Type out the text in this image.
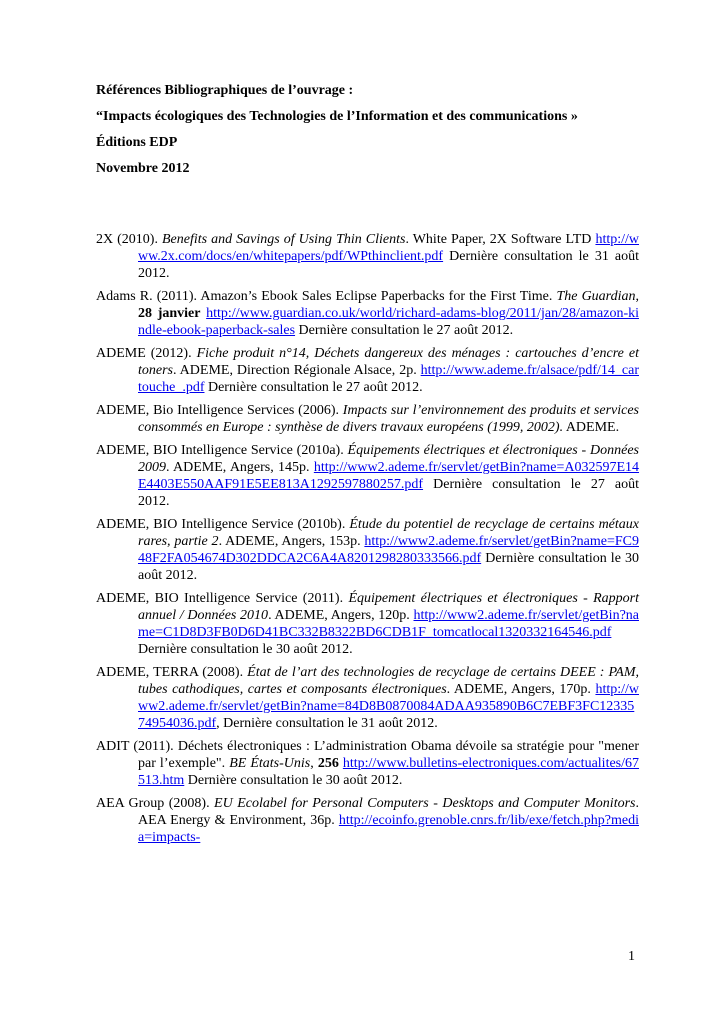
Références Bibliographiques de l’ouvrage :
“Impacts écologiques des Technologies de l’Information et des communications »
Éditions EDP
Novembre 2012
2X (2010). Benefits and Savings of Using Thin Clients. White Paper, 2X Software LTD http://www.2x.com/docs/en/whitepapers/pdf/WPthinclient.pdf Dernière consultation le 31 août 2012.
Adams R. (2011). Amazon’s Ebook Sales Eclipse Paperbacks for the First Time. The Guardian, 28 janvier http://www.guardian.co.uk/world/richard-adams-blog/2011/jan/28/amazon-kindle-ebook-paperback-sales Dernière consultation le 27 août 2012.
ADEME (2012). Fiche produit n°14, Déchets dangereux des ménages : cartouches d’encre et toners. ADEME, Direction Régionale Alsace, 2p. http://www.ademe.fr/alsace/pdf/14_cartouche_.pdf Dernière consultation le 27 août 2012.
ADEME, Bio Intelligence Services (2006). Impacts sur l’environnement des produits et services consommés en Europe : synthèse de divers travaux européens (1999, 2002). ADEME.
ADEME, BIO Intelligence Service (2010a). Équipements électriques et électroniques - Données 2009. ADEME, Angers, 145p. http://www2.ademe.fr/servlet/getBin?name=A032597E14E4403E550AAF91E5EE813A1292597880257.pdf Dernière consultation le 27 août 2012.
ADEME, BIO Intelligence Service (2010b). Étude du potentiel de recyclage de certains métaux rares, partie 2. ADEME, Angers, 153p. http://www2.ademe.fr/servlet/getBin?name=FC948F2FA054674D302DDCA2C6A4A8201298280333566.pdf Dernière consultation le 30 août 2012.
ADEME, BIO Intelligence Service (2011). Équipement électriques et électroniques - Rapport annuel / Données 2010. ADEME, Angers, 120p. http://www2.ademe.fr/servlet/getBin?name=C1D8D3FB0D6D41BC332B8322BD6CDB1F_tomcatlocal1320332164546.pdf Dernière consultation le 30 août 2012.
ADEME, TERRA (2008). État de l’art des technologies de recyclage de certains DEEE : PAM, tubes cathodiques, cartes et composants électroniques. ADEME, Angers, 170p. http://www2.ademe.fr/servlet/getBin?name=84D8B0870084ADAA935890B6C7EBF3FC1233574954036.pdf, Dernière consultation le 31 août 2012.
ADIT (2011). Déchets électroniques : L’administration Obama dévoile sa stratégie pour "mener par l’exemple". BE États-Unis, 256 http://www.bulletins-electroniques.com/actualites/67513.htm Dernière consultation le 30 août 2012.
AEA Group (2008). EU Ecolabel for Personal Computers - Desktops and Computer Monitors. AEA Energy & Environment, 36p. http://ecoinfo.grenoble.cnrs.fr/lib/exe/fetch.php?media=impacts-
1
